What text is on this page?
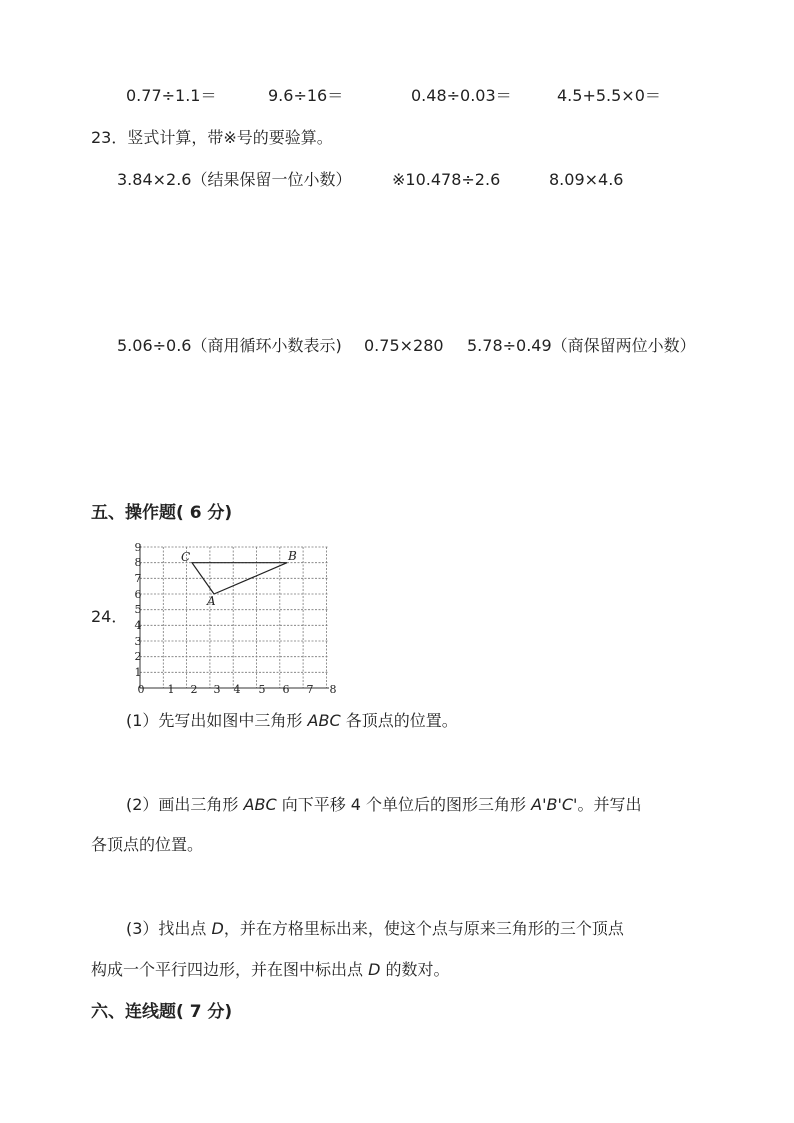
0.77÷1.1＝	9.6÷16＝	0.48÷0.03＝	4.5+5.5×0＝
23．竖式计算，带※号的要验算。
3.84×2.6（结果保留一位小数）	※10.478÷2.6	8.09×4.6
5.06÷0.6（商用循环小数表示) 0.75×280 5.78÷0.49（商保留两位小数）
五、操作题( 6 分)
24．
0 1 2 3 4 5 6 7 8
1
2
3
4
5
6
7
8
9
C	B
A
(1）先写出如图中三角形 ABC 各顶点的位置。
(2）画出三角形 ABC 向下平移 4 个单位后的图形三角形 A'B'C'。并写出
各顶点的位置。
(3）找出点 D，并在方格里标出来，使这个点与原来三角形的三个顶点
构成一个平行四边形，并在图中标出点 D 的数对。
六、连线题( 7 分)
